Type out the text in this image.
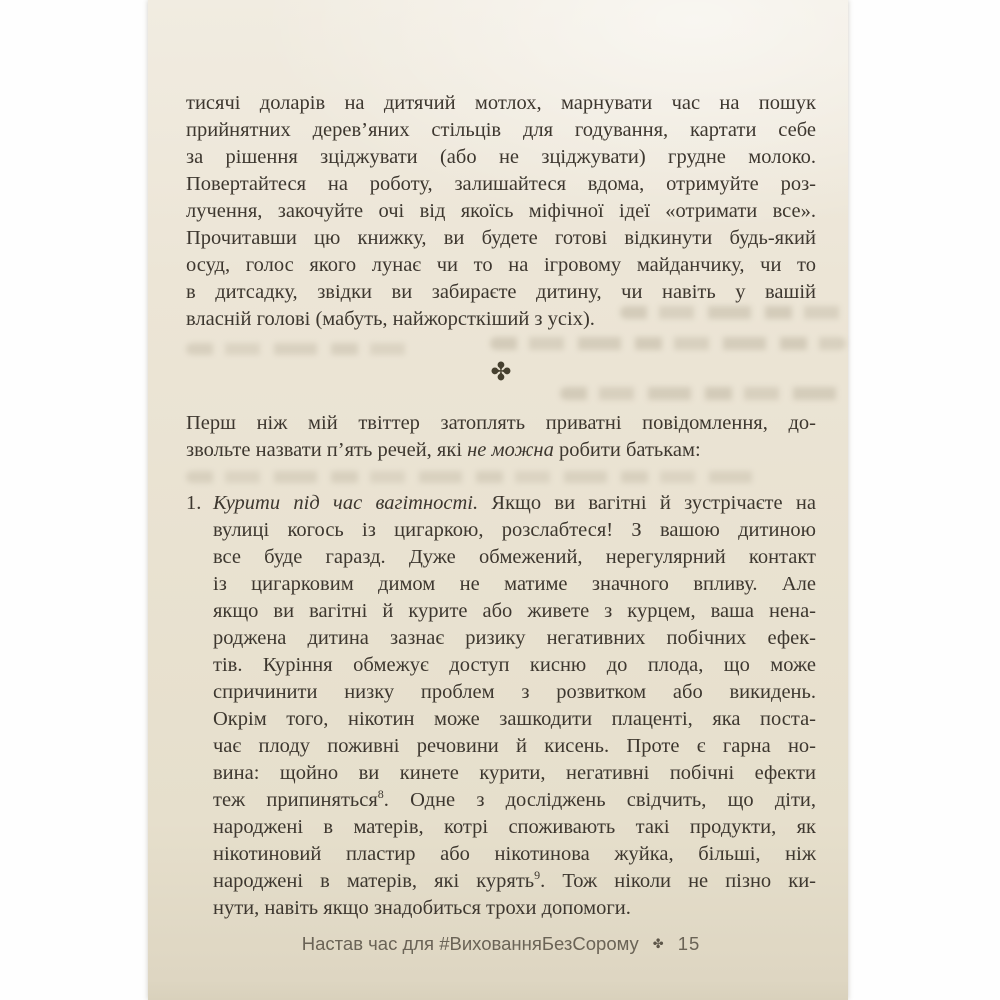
тисячі доларів на дитячий мотлох, марнувати час на пошук
прийнятних дерев’яних стільців для годування, картати себе
за рішення зціджувати (або не зціджувати) грудне молоко.
Повертайтеся на роботу, залишайтеся вдома, отримуйте роз-
лучення, закочуйте очі від якоїсь міфічної ідеї «отримати все».
Прочитавши цю книжку, ви будете готові відкинути будь-який
осуд, голос якого лунає чи то на ігровому майданчику, чи то
в дитсадку, звідки ви забираєте дитину, чи навіть у вашій
власній голові (мабуть, найжорсткіший з усіх).
✤
Перш ніж мій твіттер затоплять приватні повідомлення, до-
звольте назвати п’ять речей, які не можна робити батькам:
1. Курити під час вагітності. Якщо ви вагітні й зустрічаєте на
вулиці когось із цигаркою, розслабтеся! З вашою дитиною
все буде гаразд. Дуже обмежений, нерегулярний контакт
із цигарковим димом не матиме значного впливу. Але
якщо ви вагітні й курите або живете з курцем, ваша нена-
роджена дитина зазнає ризику негативних побічних ефек-
тів. Куріння обмежує доступ кисню до плода, що може
спричинити низку проблем з розвитком або викидень.
Окрім того, нікотин може зашкодити плаценті, яка поста-
чає плоду поживні речовини й кисень. Проте є гарна но-
вина: щойно ви кинете курити, негативні побічні ефекти
теж припиняться$^8$. Одне з досліджень свідчить, що діти,
народжені в матерів, котрі споживають такі продукти, як
нікотиновий пластир або нікотинова жуйка, більші, ніж
народжені в матерів, які курять$^9$. Тож ніколи не пізно ки-
нути, навіть якщо знадобиться трохи допомоги.
Настав час для #ВихованняБезСорому ✤ 15
